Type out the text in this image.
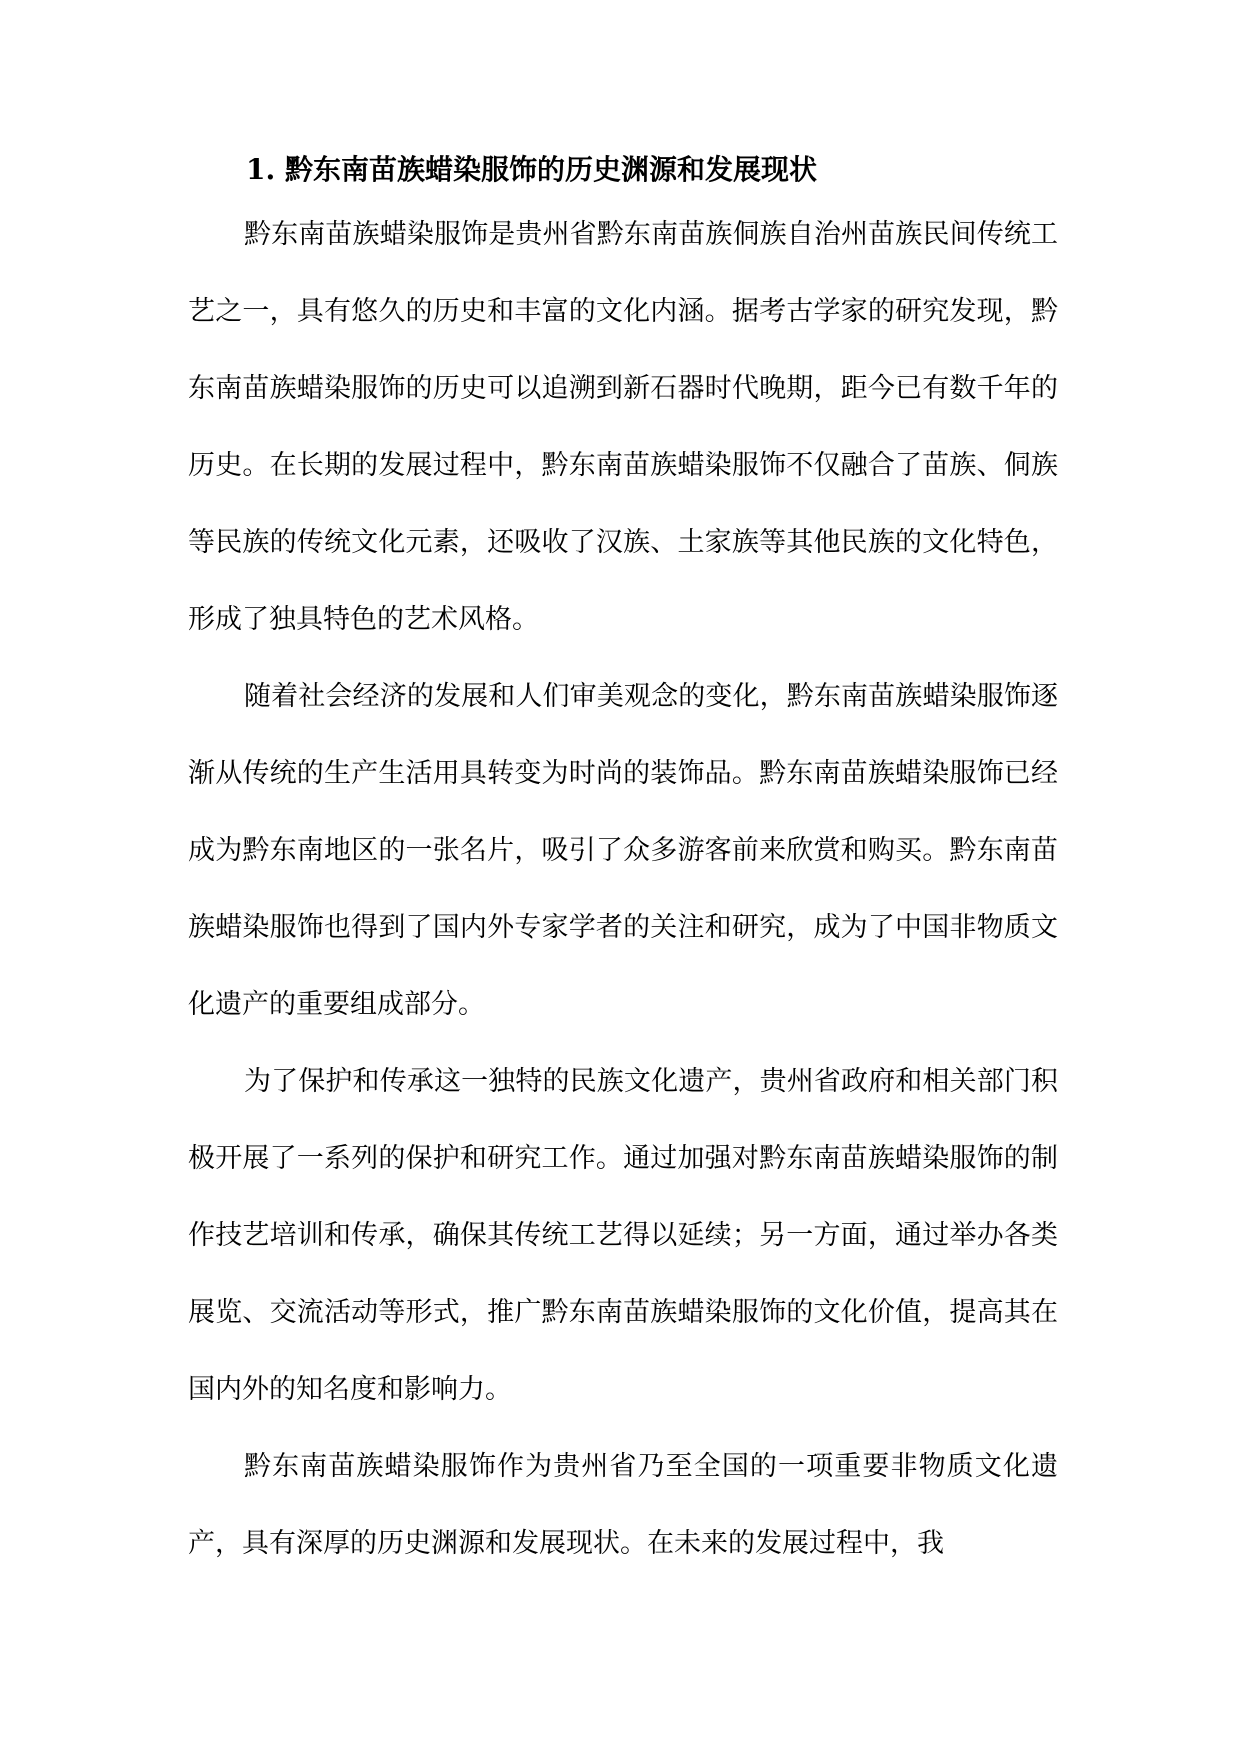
1. 黔东南苗族蜡染服饰的历史渊源和发展现状

黔东南苗族蜡染服饰是贵州省黔东南苗族侗族自治州苗族民间传统工艺之一，具有悠久的历史和丰富的文化内涵。据考古学家的研究发现，黔东南苗族蜡染服饰的历史可以追溯到新石器时代晚期，距今已有数千年的历史。在长期的发展过程中，黔东南苗族蜡染服饰不仅融合了苗族、侗族等民族的传统文化元素，还吸收了汉族、土家族等其他民族的文化特色，形成了独具特色的艺术风格。

随着社会经济的发展和人们审美观念的变化，黔东南苗族蜡染服饰逐渐从传统的生产生活用具转变为时尚的装饰品。黔东南苗族蜡染服饰已经成为黔东南地区的一张名片，吸引了众多游客前来欣赏和购买。黔东南苗族蜡染服饰也得到了国内外专家学者的关注和研究，成为了中国非物质文化遗产的重要组成部分。

为了保护和传承这一独特的民族文化遗产，贵州省政府和相关部门积极开展了一系列的保护和研究工作。通过加强对黔东南苗族蜡染服饰的制作技艺培训和传承，确保其传统工艺得以延续；另一方面，通过举办各类展览、交流活动等形式，推广黔东南苗族蜡染服饰的文化价值，提高其在国内外的知名度和影响力。

黔东南苗族蜡染服饰作为贵州省乃至全国的一项重要非物质文化遗产，具有深厚的历史渊源和发展现状。在未来的发展过程中，我
